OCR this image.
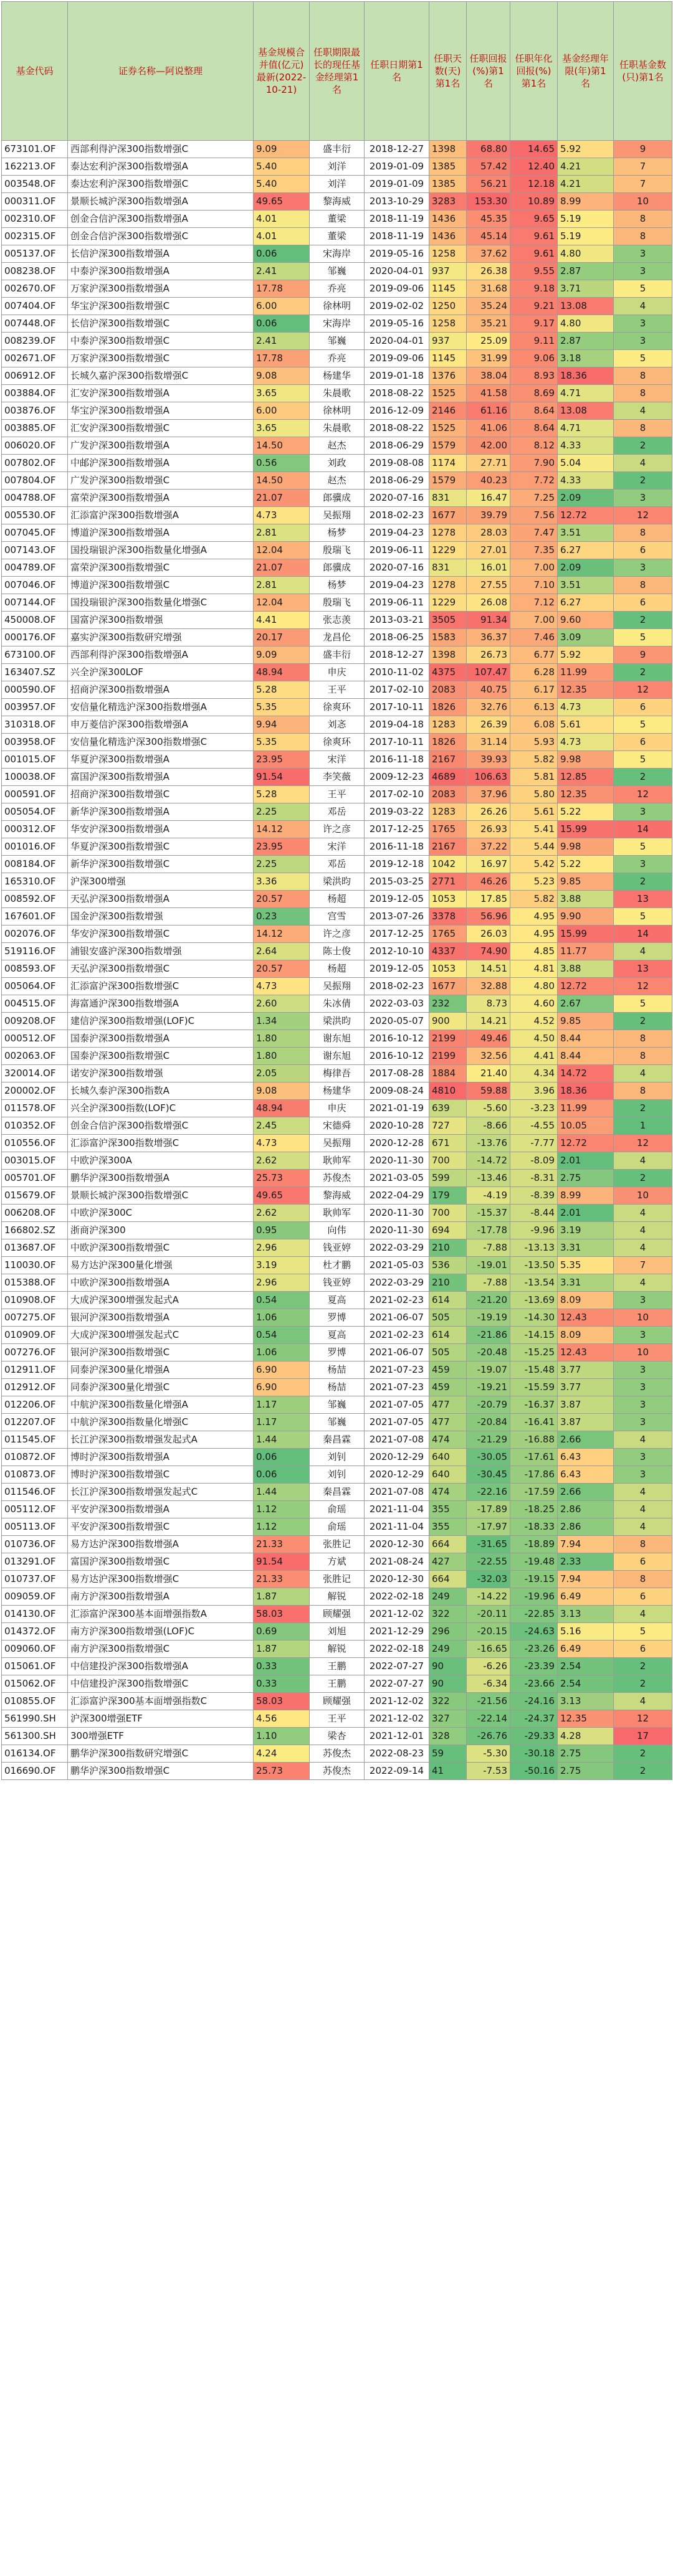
基金代码	证券名称—阿说整理	基金规模合并值(亿元)最新(2022-10-21)	任职期限最长的现任基金经理第1名	任职日期第1名	任职天数(天)第1名	任职回报(%)第1名	任职年化回报(%)第1名	基金经理年限(年)第1名	任职基金数(只)第1名
673101.OF	西部利得沪深300指数增强C	9.09	盛丰衍	2018-12-27	1398	68.80	14.65	5.92	9
162213.OF	泰达宏利沪深300指数增强A	5.40	刘洋	2019-01-09	1385	57.42	12.40	4.21	7
003548.OF	泰达宏利沪深300指数增强C	5.40	刘洋	2019-01-09	1385	56.21	12.18	4.21	7
000311.OF	景顺长城沪深300指数增强A	49.65	黎海威	2013-10-29	3283	153.30	10.89	8.99	10
002310.OF	创金合信沪深300指数增强A	4.01	董梁	2018-11-19	1436	45.35	9.65	5.19	8
002315.OF	创金合信沪深300指数增强C	4.01	董梁	2018-11-19	1436	45.14	9.61	5.19	8
005137.OF	长信沪深300指数增强A	0.06	宋海岸	2019-05-16	1258	37.62	9.61	4.80	3
008238.OF	中泰沪深300指数增强A	2.41	邹巍	2020-04-01	937	26.38	9.55	2.87	3
002670.OF	万家沪深300指数增强A	17.78	乔亮	2019-09-06	1145	31.68	9.18	3.71	5
007404.OF	华宝沪深300指数增强C	6.00	徐林明	2019-02-02	1250	35.24	9.21	13.08	4
007448.OF	长信沪深300指数增强C	0.06	宋海岸	2019-05-16	1258	35.21	9.17	4.80	3
008239.OF	中泰沪深300指数增强C	2.41	邹巍	2020-04-01	937	25.09	9.11	2.87	3
002671.OF	万家沪深300指数增强C	17.78	乔亮	2019-09-06	1145	31.99	9.06	3.18	5
006912.OF	长城久嘉沪深300指数增强C	9.08	杨建华	2019-01-18	1376	38.04	8.93	18.36	8
003884.OF	汇安沪深300指数增强A	3.65	朱晨歌	2018-08-22	1525	41.58	8.69	4.71	8
003876.OF	华宝沪深300指数增强A	6.00	徐林明	2016-12-09	2146	61.16	8.64	13.08	4
003885.OF	汇安沪深300指数增强C	3.65	朱晨歌	2018-08-22	1525	41.06	8.64	4.71	8
006020.OF	广发沪深300指数增强A	14.50	赵杰	2018-06-29	1579	42.00	8.12	4.33	2
007802.OF	中邮沪深300指数增强A	0.56	刘政	2019-08-08	1174	27.71	7.90	5.04	4
007804.OF	广发沪深300指数增强C	14.50	赵杰	2018-06-29	1579	40.23	7.72	4.33	2
004788.OF	富荣沪深300指数增强A	21.07	郎骥成	2020-07-16	831	16.47	7.25	2.09	3
005530.OF	汇添富沪深300指数增强A	4.73	吴振翔	2018-02-23	1677	39.79	7.56	12.72	12
007045.OF	博道沪深300指数增强A	2.81	杨梦	2019-04-23	1278	28.03	7.47	3.51	8
007143.OF	国投瑞银沪深300指数量化增强A	12.04	殷瑞飞	2019-06-11	1229	27.01	7.35	6.27	6
004789.OF	富荣沪深300指数增强C	21.07	郎骥成	2020-07-16	831	16.01	7.00	2.09	3
007046.OF	博道沪深300指数增强C	2.81	杨梦	2019-04-23	1278	27.55	7.10	3.51	8
007144.OF	国投瑞银沪深300指数量化增强C	12.04	殷瑞飞	2019-06-11	1229	26.08	7.12	6.27	6
450008.OF	国富沪深300指数增强	4.41	张志羡	2013-03-21	3505	91.34	7.00	9.60	2
000176.OF	嘉实沪深300指数研究增强	20.17	龙昌伦	2018-06-25	1583	36.37	7.46	3.09	5
673100.OF	西部利得沪深300指数增强A	9.09	盛丰衍	2018-12-27	1398	26.73	6.77	5.92	9
163407.SZ	兴全沪深300LOF	48.94	申庆	2010-11-02	4375	107.47	6.28	11.99	2
000590.OF	招商沪深300指数增强A	5.28	王平	2017-02-10	2083	40.75	6.17	12.35	12
003957.OF	安信量化精选沪深300指数增强A	5.35	徐爽环	2017-10-11	1826	32.76	6.13	4.73	6
310318.OF	申万菱信沪深300指数增强A	9.94	刘忞	2019-04-18	1283	26.39	6.08	5.61	5
003958.OF	安信量化精选沪深300指数增强C	5.35	徐爽环	2017-10-11	1826	31.14	5.93	4.73	6
001015.OF	华夏沪深300指数增强A	23.95	宋洋	2016-11-18	2167	39.93	5.82	9.98	5
100038.OF	富国沪深300指数增强A	91.54	李笑薇	2009-12-23	4689	106.63	5.81	12.85	2
000591.OF	招商沪深300指数增强C	5.28	王平	2017-02-10	2083	37.96	5.80	12.35	12
005054.OF	新华沪深300指数增强A	2.25	邓岳	2019-03-22	1283	26.26	5.61	5.22	3
000312.OF	华安沪深300指数增强A	14.12	许之彦	2017-12-25	1765	26.93	5.41	15.99	14
001016.OF	华夏沪深300指数增强C	23.95	宋洋	2016-11-18	2167	37.22	5.44	9.98	5
008184.OF	新华沪深300指数增强C	2.25	邓岳	2019-12-18	1042	16.97	5.42	5.22	3
165310.OF	沪深300增强	3.36	梁洪昀	2015-03-25	2771	46.26	5.23	9.85	2
008592.OF	天弘沪深300指数增强A	20.57	杨超	2019-12-05	1053	17.85	5.82	3.88	13
167601.OF	国金沪深300指数增强	0.23	宫雪	2013-07-26	3378	56.96	4.95	9.90	5
002076.OF	华安沪深300指数增强C	14.12	许之彦	2017-12-25	1765	26.03	4.95	15.99	14
519116.OF	浦银安盛沪深300指数增强	2.64	陈士俊	2012-10-10	4337	74.90	4.85	11.77	4
008593.OF	天弘沪深300指数增强C	20.57	杨超	2019-12-05	1053	14.51	4.81	3.88	13
005064.OF	汇添富沪深300指数增强C	4.73	吴振翔	2018-02-23	1677	32.88	4.80	12.72	12
004515.OF	海富通沪深300指数增强A	2.60	朱冰倩	2022-03-03	232	8.73	4.60	2.67	5
009208.OF	建信沪深300指数增强(LOF)C	1.34	梁洪昀	2020-05-07	900	14.21	4.52	9.85	2
000512.OF	国泰沪深300指数增强A	1.80	谢东旭	2016-10-12	2199	49.46	4.50	8.44	8
002063.OF	国泰沪深300指数增强C	1.80	谢东旭	2016-10-12	2199	32.56	4.41	8.44	8
320014.OF	诺安沪深300指数增强	2.05	梅律吾	2017-08-28	1884	21.40	4.34	14.72	4
200002.OF	长城久泰沪深300指数A	9.08	杨建华	2009-08-24	4810	59.88	3.96	18.36	8
011578.OF	兴全沪深300指数(LOF)C	48.94	申庆	2021-01-19	639	-5.60	-3.23	11.99	2
010352.OF	创金合信沪深300指数增强C	2.45	宋德舜	2020-10-28	727	-8.66	-4.55	10.05	1
010556.OF	汇添富沪深300指数增强C	4.73	吴振翔	2020-12-28	671	-13.76	-7.77	12.72	12
003015.OF	中欧沪深300A	2.62	耿帅军	2020-11-30	700	-14.72	-8.09	2.01	4
005701.OF	鹏华沪深300指数增强A	25.73	苏俊杰	2021-03-05	599	-13.46	-8.31	2.75	2
015679.OF	景顺长城沪深300指数增强C	49.65	黎海威	2022-04-29	179	-4.19	-8.39	8.99	10
006208.OF	中欧沪深300C	2.62	耿帅军	2020-11-30	700	-15.37	-8.44	2.01	4
166802.SZ	浙商沪深300	0.95	向伟	2020-11-30	694	-17.78	-9.96	3.19	4
013687.OF	中欧沪深300指数增强C	2.96	钱亚婷	2022-03-29	210	-7.88	-13.13	3.31	4
110030.OF	易方达沪深300量化增强	3.19	杜才鹏	2021-05-03	536	-19.01	-13.50	5.35	7
015388.OF	中欧沪深300指数增强A	2.96	钱亚婷	2022-03-29	210	-7.88	-13.54	3.31	4
010908.OF	大成沪深300增强发起式A	0.54	夏高	2021-02-23	614	-21.20	-13.69	8.09	3
007275.OF	银河沪深300指数增强A	1.06	罗博	2021-06-07	505	-19.19	-14.30	12.43	10
010909.OF	大成沪深300增强发起式C	0.54	夏高	2021-02-23	614	-21.86	-14.15	8.09	3
007276.OF	银河沪深300指数增强C	1.06	罗博	2021-06-07	505	-20.48	-15.25	12.43	10
012911.OF	同泰沪深300量化增强A	6.90	杨喆	2021-07-23	459	-19.07	-15.48	3.77	3
012912.OF	同泰沪深300量化增强C	6.90	杨喆	2021-07-23	459	-19.21	-15.59	3.77	3
012206.OF	中航沪深300指数量化增强A	1.17	邹巍	2021-07-05	477	-20.79	-16.37	3.87	3
012207.OF	中航沪深300指数量化增强C	1.17	邹巍	2021-07-05	477	-20.84	-16.41	3.87	3
011545.OF	长江沪深300指数增强发起式A	1.44	秦昌霖	2021-07-08	474	-21.29	-16.88	2.66	4
010872.OF	博时沪深300指数增强A	0.06	刘钊	2020-12-29	640	-30.05	-17.61	6.43	3
010873.OF	博时沪深300指数增强C	0.06	刘钊	2020-12-29	640	-30.45	-17.86	6.43	3
011546.OF	长江沪深300指数增强发起式C	1.44	秦昌霖	2021-07-08	474	-22.16	-17.59	2.66	4
005112.OF	平安沪深300指数增强A	1.12	俞瑶	2021-11-04	355	-17.89	-18.25	2.86	4
005113.OF	平安沪深300指数增强C	1.12	俞瑶	2021-11-04	355	-17.97	-18.33	2.86	4
010736.OF	易方达沪深300指数增强A	21.33	张胜记	2020-12-30	664	-31.65	-18.89	7.94	8
013291.OF	富国沪深300指数增强C	91.54	方斌	2021-08-24	427	-22.55	-19.48	2.33	6
010737.OF	易方达沪深300指数增强C	21.33	张胜记	2020-12-30	664	-32.03	-19.15	7.94	8
009059.OF	南方沪深300指数增强A	1.87	解锐	2022-02-18	249	-14.22	-19.96	6.49	6
014130.OF	汇添富沪深300基本面增强指数A	58.03	顾耀强	2021-12-02	322	-20.11	-22.85	3.13	4
014372.OF	南方沪深300指数增强(LOF)C	0.69	刘旭	2021-12-29	296	-20.15	-24.63	5.16	5
009060.OF	南方沪深300指数增强C	1.87	解锐	2022-02-18	249	-16.65	-23.26	6.49	6
015061.OF	中信建投沪深300指数增强A	0.33	王鹏	2022-07-27	90	-6.26	-23.39	2.54	2
015062.OF	中信建投沪深300指数增强C	0.33	王鹏	2022-07-27	90	-6.34	-23.66	2.54	2
010855.OF	汇添富沪深300基本面增强指数C	58.03	顾耀强	2021-12-02	322	-21.56	-24.16	3.13	4
561990.SH	沪深300增强ETF	4.56	王平	2021-12-02	327	-22.14	-24.37	12.35	12
561300.SH	300增强ETF	1.10	梁杏	2021-12-01	328	-26.76	-29.33	4.28	17
016134.OF	鹏华沪深300指数研究增强C	4.24	苏俊杰	2022-08-23	59	-5.30	-30.18	2.75	2
016690.OF	鹏华沪深300指数增强C	25.73	苏俊杰	2022-09-14	41	-7.53	-50.16	2.75	2
